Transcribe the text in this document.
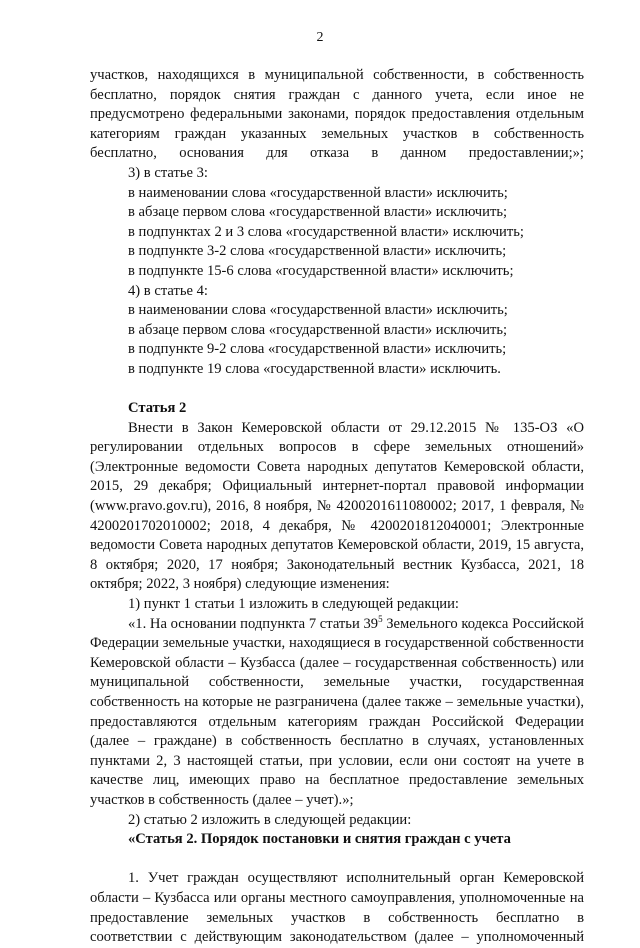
2

участков, находящихся в муниципальной собственности, в собственность бесплатно, порядок снятия граждан с данного учета, если иное не предусмотрено федеральными законами, порядок предоставления отдельным категориям граждан указанных земельных участков в собственность бесплатно, основания для отказа в данном предоставлении;»;

3) в статье 3:

в наименовании слова «государственной власти» исключить;

в абзаце первом слова «государственной власти» исключить;

в подпунктах 2 и 3 слова «государственной власти» исключить;

в подпункте 3-2 слова «государственной власти» исключить;

в подпункте 15-6 слова «государственной власти» исключить;

4) в статье 4:

в наименовании слова «государственной власти» исключить;

в абзаце первом слова «государственной власти» исключить;

в подпункте 9-2 слова «государственной власти» исключить;

в подпункте 19 слова «государственной власти» исключить.

Статья 2

Внести в Закон Кемеровской области от 29.12.2015 № 135-ОЗ «О регулировании отдельных вопросов в сфере земельных отношений» (Электронные ведомости Совета народных депутатов Кемеровской области, 2015, 29 декабря; Официальный интернет-портал правовой информации (www.pravo.gov.ru), 2016, 8 ноября, № 4200201611080002; 2017, 1 февраля, № 4200201702010002; 2018, 4 декабря, № 4200201812040001; Электронные ведомости Совета народных депутатов Кемеровской области, 2019, 15 августа, 8 октября; 2020, 17 ноября; Законодательный вестник Кузбасса, 2021, 18 октября; 2022, 3 ноября) следующие изменения:

1) пункт 1 статьи 1 изложить в следующей редакции:

«1. На основании подпункта 7 статьи $39^5$ Земельного кодекса Российской Федерации земельные участки, находящиеся в государственной собственности Кемеровской области – Кузбасса (далее – государственная собственность) или муниципальной собственности, земельные участки, государственная собственность на которые не разграничена (далее также – земельные участки), предоставляются отдельным категориям граждан Российской Федерации (далее – граждане) в собственность бесплатно в случаях, установленных пунктами 2, 3 настоящей статьи, при условии, если они состоят на учете в качестве лиц, имеющих право на бесплатное предоставление земельных участков в собственность (далее – учет).»;

2) статью 2 изложить в следующей редакции:

«Статья 2. Порядок постановки и снятия граждан с учета

1. Учет граждан осуществляют исполнительный орган Кемеровской области – Кузбасса или органы местного самоуправления, уполномоченные на предоставление земельных участков в собственность бесплатно в соответствии с действующим законодательством (далее – уполномоченный
